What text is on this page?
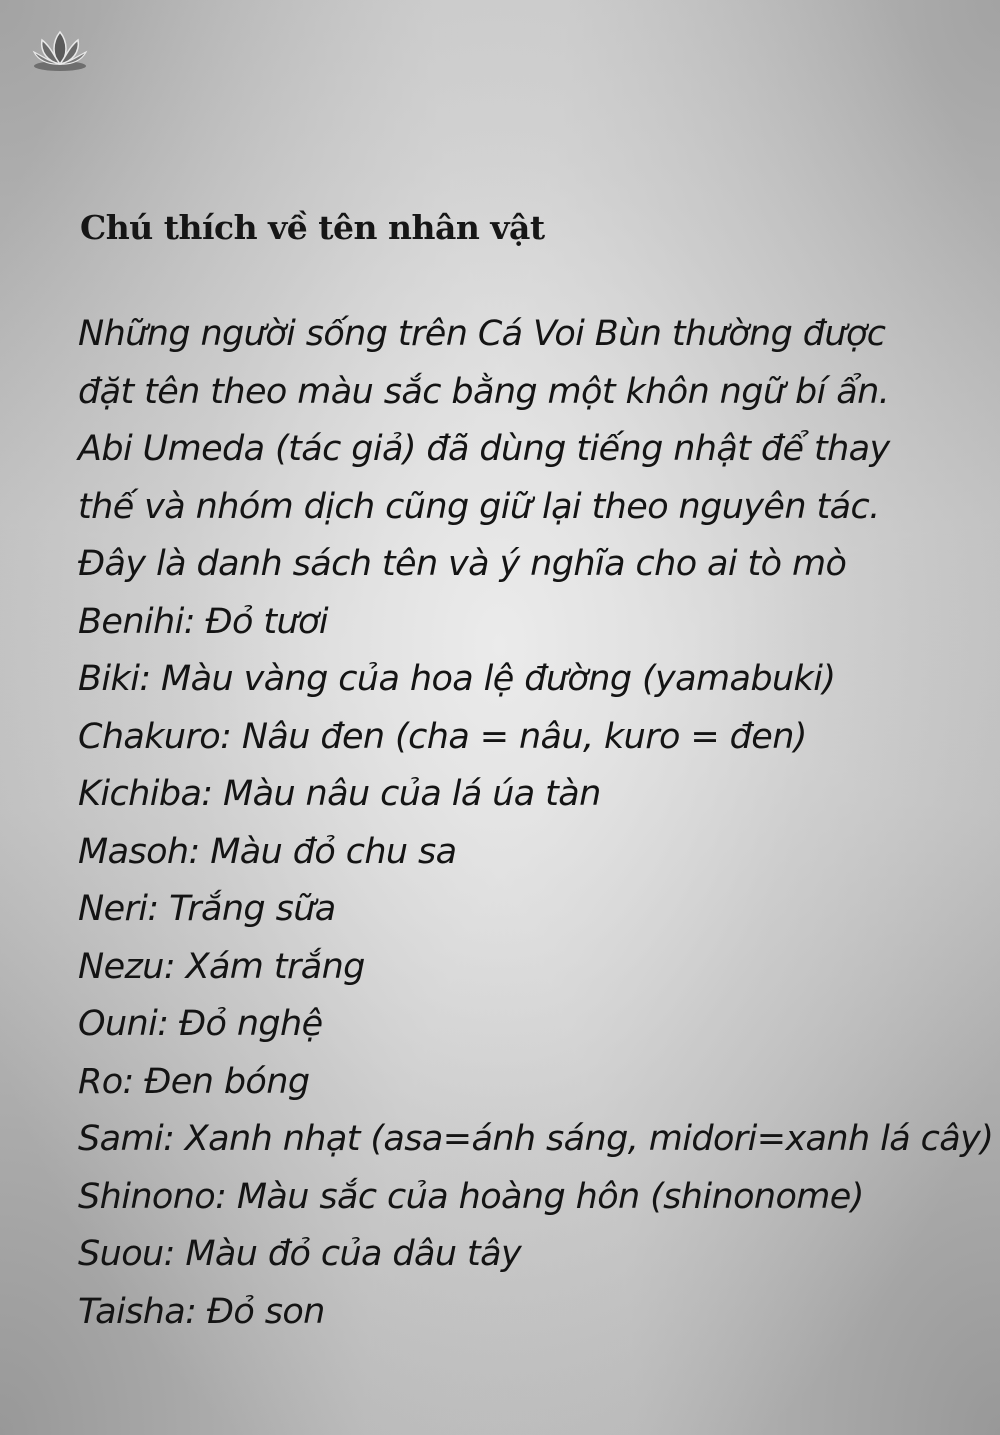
Chú thích về tên nhân vật

Những người sống trên Cá Voi Bùn thường được đặt tên theo màu sắc bằng một khôn ngữ bí ẩn. Abi Umeda (tác giả) đã dùng tiếng nhật để thay thế và nhóm dịch cũng giữ lại theo nguyên tác. Đây là danh sách tên và ý nghĩa cho ai tò mò

Benihi: Đỏ tươi
Biki: Màu vàng của hoa lệ đường (yamabuki)
Chakuro: Nâu đen (cha = nâu, kuro = đen)
Kichiba: Màu nâu của lá úa tàn
Masoh: Màu đỏ chu sa
Neri: Trắng sữa
Nezu: Xám trắng
Ouni: Đỏ nghệ
Ro: Đen bóng
Sami: Xanh nhạt (asa=ánh sáng, midori=xanh lá cây)
Shinono: Màu sắc của hoàng hôn (shinonome)
Suou: Màu đỏ của dâu tây
Taisha: Đỏ son
